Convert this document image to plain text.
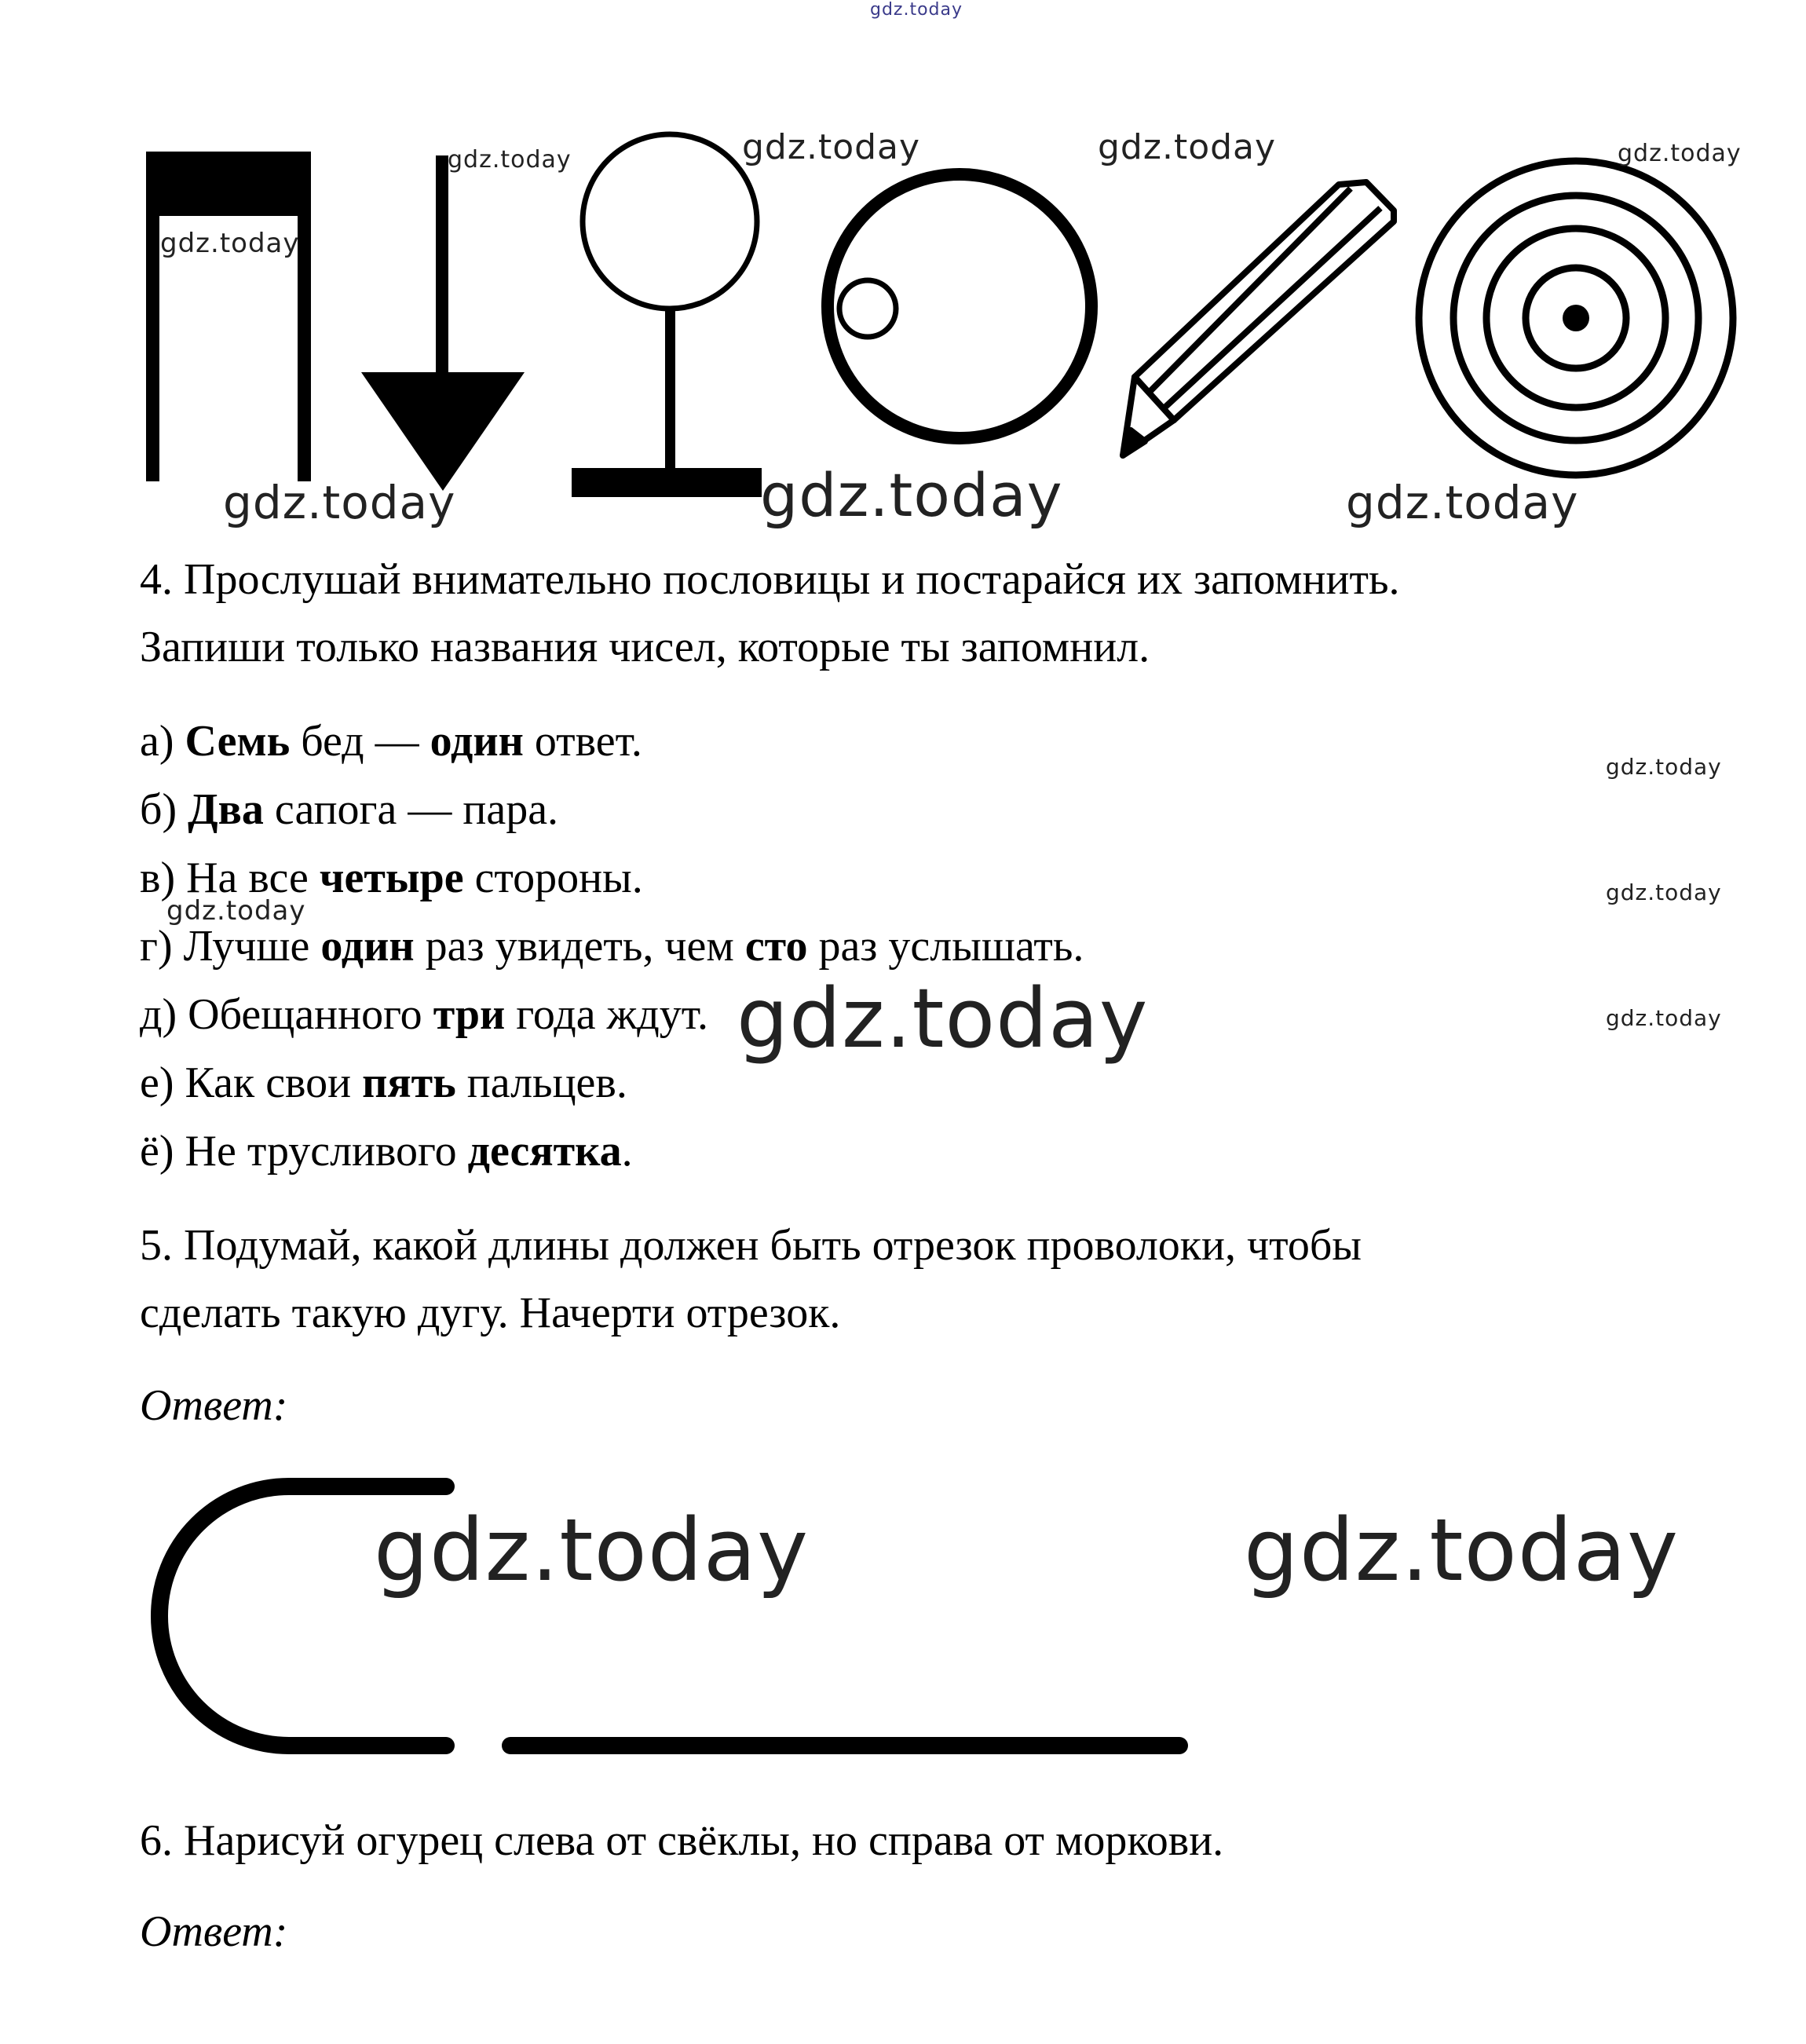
gdz.today
gdz.today
gdz.today
gdz.today	gdz.today	gdz.today
gdz.today	gdz.today	gdz.today
4. Прослушай внимательно пословицы и постарайся их запомнить.
Запиши только названия чисел, которые ты запомнил.
а) Семь бед — один ответ.
б) Два сапога — пара.
в) На все четыре стороны.
г) Лучше один раз увидеть, чем сто раз услышать.
д) Обещанного три года ждут.
е) Как свои пять пальцев.
ё) Не трусливого десятка.
gdz.today
gdz.today
gdz.today
gdz.today
gdz.today
5. Подумай, какой длины должен быть отрезок проволоки, чтобы
сделать такую дугу. Начерти отрезок.
Ответ:
gdz.today	gdz.today
6. Нарисуй огурец слева от свёклы, но справа от моркови.
Ответ:
